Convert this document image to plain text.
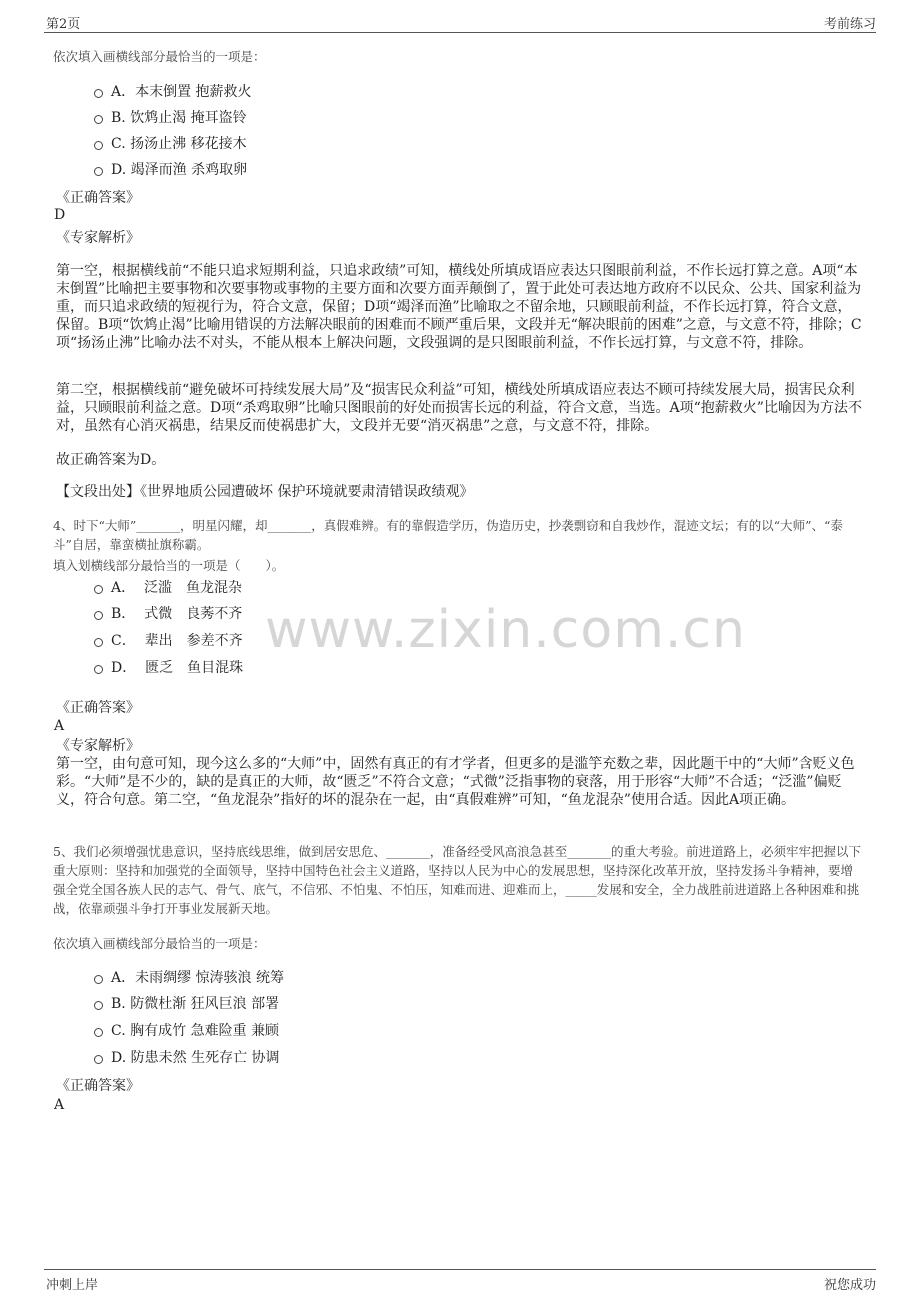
第2页	考前练习
依次填入画横线部分最恰当的一项是：
A．本末倒置 抱薪救火
B. 饮鸩止渴 掩耳盗铃
C. 扬汤止沸 移花接木
D. 竭泽而渔 杀鸡取卵
《正确答案》
D
《专家解析》
第一空，根据横线前“不能只追求短期利益，只追求政绩”可知，横线处所填成语应表达只图眼前利益，不作长远打算之意。A项“本末倒置”比喻把主要事物和次要事物或事物的主要方面和次要方面弄颠倒了，置于此处可表达地方政府不以民众、公共、国家利益为重，而只追求政绩的短视行为，符合文意，保留；D项“竭泽而渔”比喻取之不留余地，只顾眼前利益，不作长远打算，符合文意，保留。B项“饮鸩止渴”比喻用错误的方法解决眼前的困难而不顾严重后果，文段并无“解决眼前的困难”之意，与文意不符，排除；C项“扬汤止沸”比喻办法不对头，不能从根本上解决问题，文段强调的是只图眼前利益，不作长远打算，与文意不符，排除。
第二空，根据横线前“避免破坏可持续发展大局”及“损害民众利益”可知，横线处所填成语应表达不顾可持续发展大局，损害民众利益，只顾眼前利益之意。D项“杀鸡取卵”比喻只图眼前的好处而损害长远的利益，符合文意，当选。A项“抱薪救火”比喻因为方法不对，虽然有心消灭祸患，结果反而使祸患扩大，文段并无要“消灭祸患”之意，与文意不符，排除。
故正确答案为D。
【文段出处】《世界地质公园遭破坏 保护环境就要肃清错误政绩观》
4、时下“大师”_______，明星闪耀，却_______，真假难辨。有的靠假造学历，伪造历史，抄袭剽窃和自我炒作，混迹文坛；有的以“大师”、“泰斗”自居，靠蛮横扯旗称霸。
填入划横线部分最恰当的一项是（　　）。
A．  泛滥　鱼龙混杂
B．  式微　良莠不齐
C．  辈出　参差不齐
D．  匮乏　鱼目混珠
《正确答案》
A
《专家解析》
第一空，由句意可知，现今这么多的“大师”中，固然有真正的有才学者，但更多的是滥竽充数之辈，因此题干中的“大师”含贬义色彩。“大师”是不少的，缺的是真正的大师，故“匮乏”不符合文意；“式微”泛指事物的衰落，用于形容“大师”不合适；“泛滥”偏贬义，符合句意。第二空，“鱼龙混杂”指好的坏的混杂在一起，由“真假难辨”可知，“鱼龙混杂”使用合适。因此A项正确。
5、我们必须增强忧患意识，坚持底线思维，做到居安思危、_______，准备经受风高浪急甚至_______的重大考验。前进道路上，必须牢牢把握以下重大原则：坚持和加强党的全面领导，坚持中国特色社会主义道路，坚持以人民为中心的发展思想，坚持深化改革开放，坚持发扬斗争精神，要增强全党全国各族人民的志气、骨气、底气，不信邪、不怕鬼、不怕压，知难而进、迎难而上，_____发展和安全，全力战胜前进道路上各种困难和挑战，依靠顽强斗争打开事业发展新天地。
依次填入画横线部分最恰当的一项是：
A．未雨绸缪 惊涛骇浪 统筹
B. 防微杜渐 狂风巨浪 部署
C. 胸有成竹 急难险重 兼顾
D. 防患未然 生死存亡 协调
《正确答案》
A
www.zixin.com.cn
冲刺上岸	祝您成功
